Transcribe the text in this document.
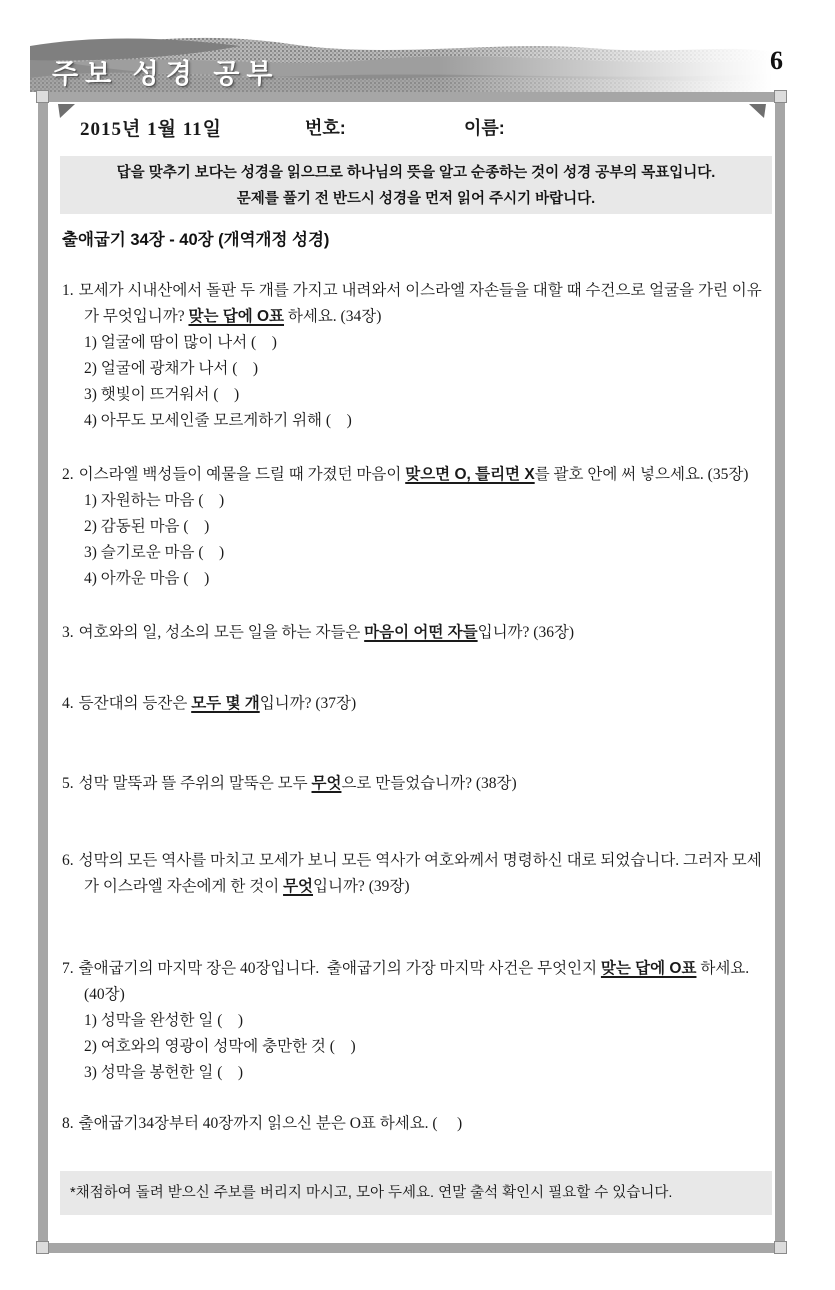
주보 성경 공부	6
2015년 1월 11일	번호:	이름:
답을 맞추기 보다는 성경을 읽으므로 하나님의 뜻을 알고 순종하는 것이 성경 공부의 목표입니다.
문제를 풀기 전 반드시 성경을 먼저 읽어 주시기 바랍니다.
출애굽기 34장 - 40장 (개역개정 성경)
1. 모세가 시내산에서 돌판 두 개를 가지고 내려와서 이스라엘 자손들을 대할 때 수건으로 얼굴을 가린 이유가 무엇입니까? 맞는 답에 O표 하세요. (34장)
1) 얼굴에 땀이 많이 나서 (    )
2) 얼굴에 광채가 나서 (    )
3) 햇빛이 뜨거워서 (    )
4) 아무도 모세인줄 모르게하기 위해 (    )
2. 이스라엘 백성들이 예물을 드릴 때 가졌던 마음이 맞으면 O, 틀리면 X를 괄호 안에 써 넣으세요. (35장)
1) 자원하는 마음 (    )
2) 감동된 마음 (    )
3) 슬기로운 마음 (    )
4) 아까운 마음 (    )
3. 여호와의 일, 성소의 모든 일을 하는 자들은 마음이 어떤 자들입니까? (36장)
4. 등잔대의 등잔은 모두 몇 개입니까? (37장)
5. 성막 말뚝과 뜰 주위의 말뚝은 모두 무엇으로 만들었습니까? (38장)
6. 성막의 모든 역사를 마치고 모세가 보니 모든 역사가 여호와께서 명령하신 대로 되었습니다. 그러자 모세가 이스라엘 자손에게 한 것이 무엇입니까? (39장)
7. 출애굽기의 마지막 장은 40장입니다.  출애굽기의 가장 마지막 사건은 무엇인지 맞는 답에 O표 하세요. (40장)
1) 성막을 완성한 일 (    )
2) 여호와의 영광이 성막에 충만한 것 (    )
3) 성막을 봉헌한 일 (    )
8. 출애굽기34장부터 40장까지 읽으신 분은 O표 하세요. (     )
*채점하여 돌려 받으신 주보를 버리지 마시고, 모아 두세요. 연말 출석 확인시 필요할 수 있습니다.
